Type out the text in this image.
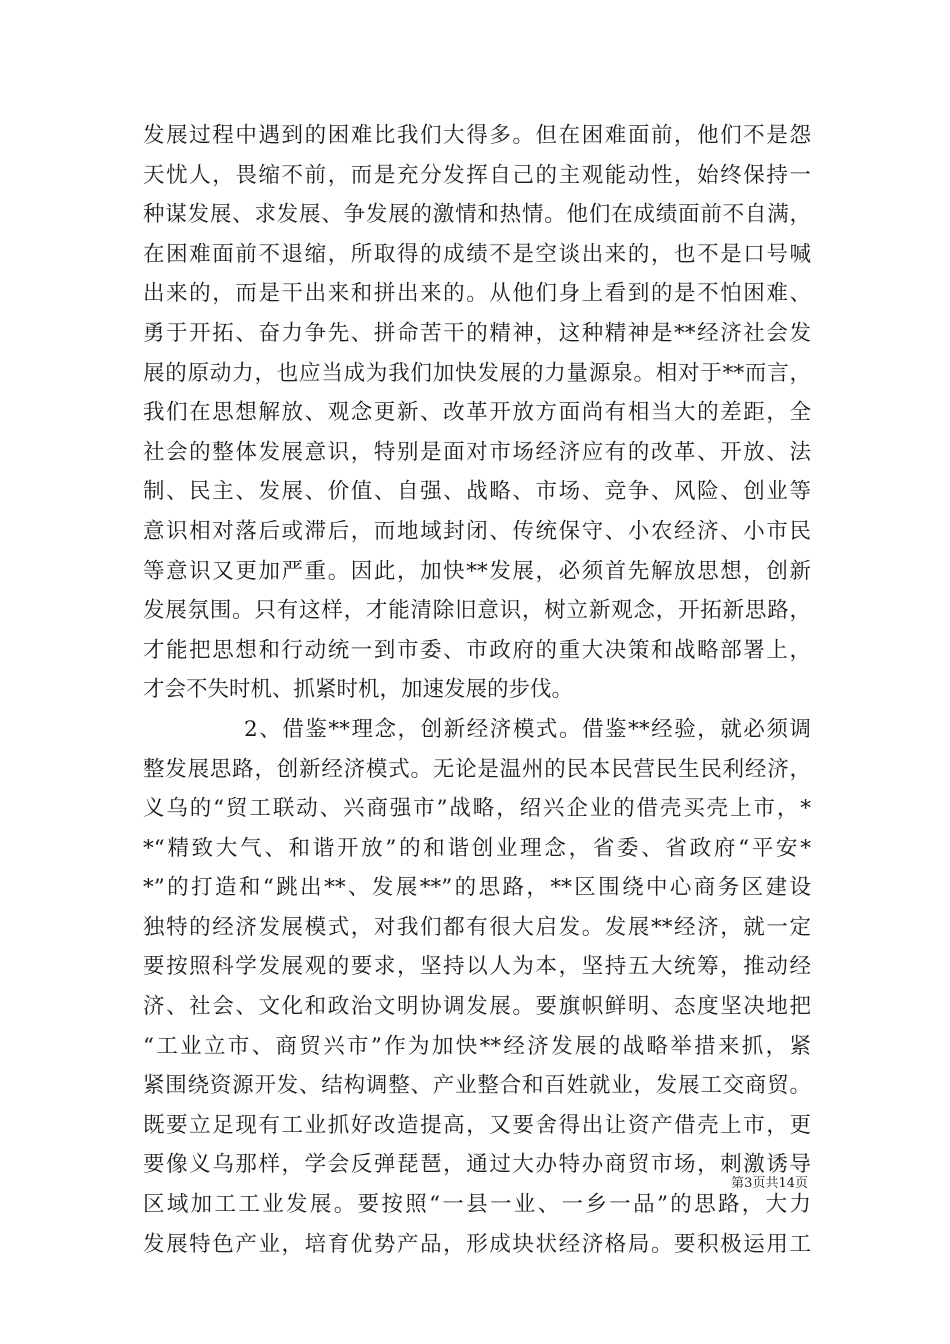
发展过程中遇到的困难比我们大得多。但在困难面前，他们不是怨
天忧人，畏缩不前，而是充分发挥自己的主观能动性，始终保持一
种谋发展、求发展、争发展的激情和热情。他们在成绩面前不自满，
在困难面前不退缩，所取得的成绩不是空谈出来的，也不是口号喊
出来的，而是干出来和拼出来的。从他们身上看到的是不怕困难、
勇于开拓、奋力争先、拼命苦干的精神，这种精神是**经济社会发
展的原动力，也应当成为我们加快发展的力量源泉。相对于**而言，
我们在思想解放、观念更新、改革开放方面尚有相当大的差距，全
社会的整体发展意识，特别是面对市场经济应有的改革、开放、法
制、民主、发展、价值、自强、战略、市场、竞争、风险、创业等
意识相对落后或滞后，而地域封闭、传统保守、小农经济、小市民
等意识又更加严重。因此，加快**发展，必须首先解放思想，创新
发展氛围。只有这样，才能清除旧意识，树立新观念，开拓新思路，
才能把思想和行动统一到市委、市政府的重大决策和战略部署上，
才会不失时机、抓紧时机，加速发展的步伐。
2、借鉴**理念，创新经济模式。借鉴**经验，就必须调
整发展思路，创新经济模式。无论是温州的民本民营民生民利经济，
义乌的“贸工联动、兴商强市”战略，绍兴企业的借壳买壳上市，*
*“精致大气、和谐开放”的和谐创业理念，省委、省政府“平安*
*”的打造和“跳出**、发展**”的思路，**区围绕中心商务区建设
独特的经济发展模式，对我们都有很大启发。发展**经济，就一定
要按照科学发展观的要求，坚持以人为本，坚持五大统筹，推动经
济、社会、文化和政治文明协调发展。要旗帜鲜明、态度坚决地把
“工业立市、商贸兴市”作为加快**经济发展的战略举措来抓，紧
紧围绕资源开发、结构调整、产业整合和百姓就业，发展工交商贸。
既要立足现有工业抓好改造提高，又要舍得出让资产借壳上市，更
要像义乌那样，学会反弹琵琶，通过大办特办商贸市场，刺激诱导
区域加工工业发展。要按照“一县一业、一乡一品”的思路，大力
发展特色产业，培育优势产品，形成块状经济格局。要积极运用工
第3页共14页
